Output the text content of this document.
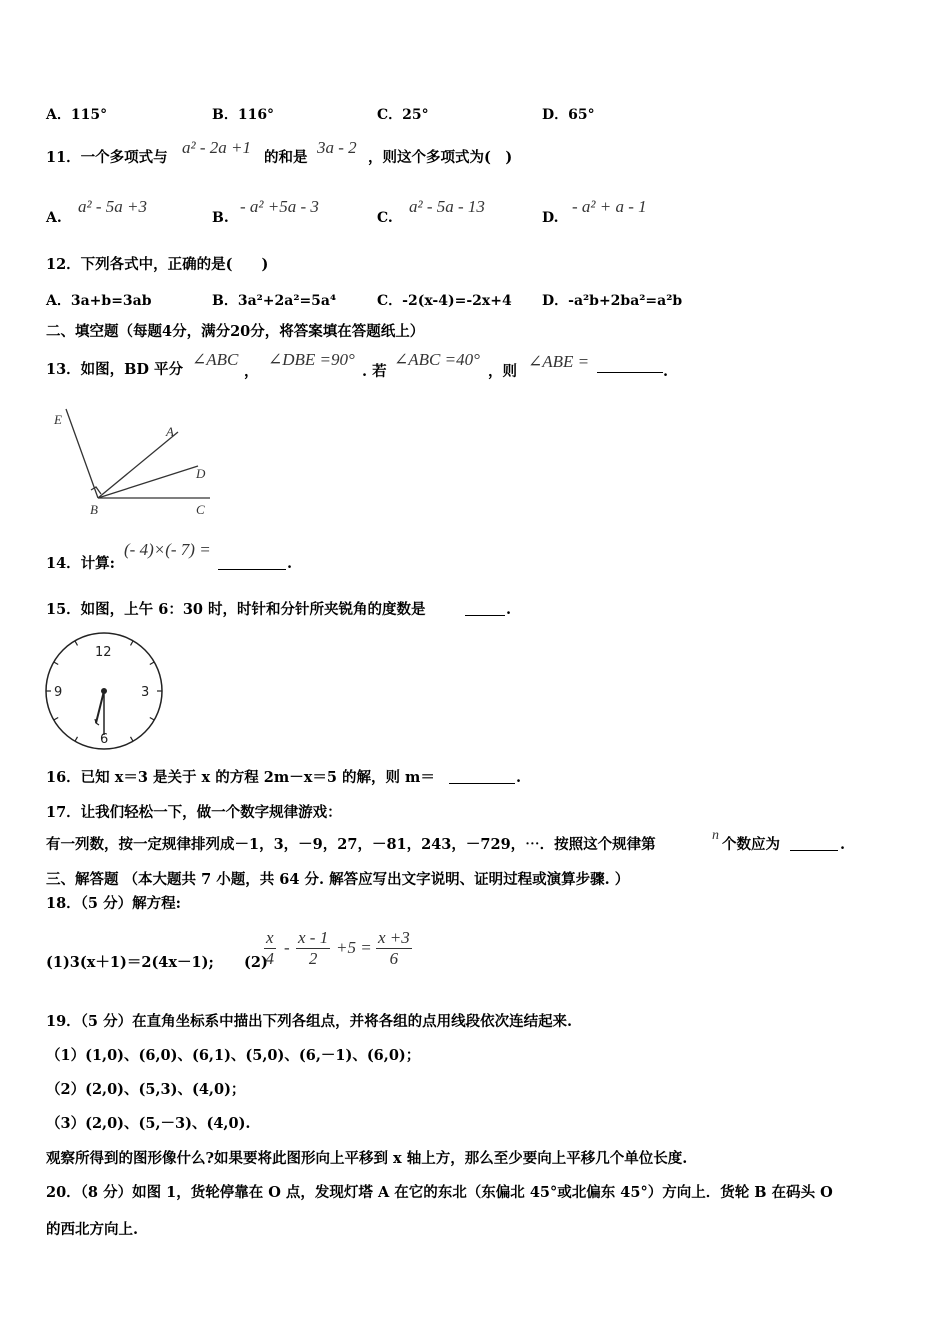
A．115°	B．116°	C．25°	D．65°
11．一个多项式与
a² - 2a +1
的和是
3a - 2
，则这个多项式为(　)
A.
a² - 5a +3
B.
- a² +5a - 3
C.
a² - 5a - 13
D.
- a² + a - 1
12．下列各式中，正确的是(　　)
A．3a+b=3ab	B．3a²+2a²=5a⁴	C．-2(x-4)=-2x+4 D．-a²b+2ba²=a²b
二、填空题（每题4分，满分20分，将答案填在答题纸上）
13．如图，BD 平分
∠ABC
，
∠DBE =90°
. 若
∠ABC =40°
，则
∠ABE =
.
E
A
D
B	C
14．计算:
(- 4)×(- 7) =
.
15．如图，上午 6：30 时，时针和分针所夹锐角的度数是	.
12
3
6
9
16．已知 x＝3 是关于 x 的方程 2m－x＝5 的解，则 m＝	.
17．让我们轻松一下，做一个数字规律游戏：
有一列数，按一定规律排列成－1，3，－9，27，－81，243，－729，⋯．按照这个规律第
n
个数应为	.
三、解答题 （本大题共 7 小题，共 64 分. 解答应写出文字说明、证明过程或演算步骤. ）
18．（5 分）解方程:
(1)3(x＋1)＝2(4x－1); (2)
$\frac{x}{4} - \frac{x - 1}{2} +5 = \frac{x +3}{6}$
19．（5 分）在直角坐标系中描出下列各组点，并将各组的点用线段依次连结起来.
（1）(1,0)、(6,0)、(6,1)、(5,0)、(6,－1)、(6,0)；
（2）(2,0)、(5,3)、(4,0)；
（3）(2,0)、(5,－3)、(4,0).
观察所得到的图形像什么?如果要将此图形向上平移到 x 轴上方，那么至少要向上平移几个单位长度.
20．（8 分）如图 1，货轮停靠在 O 点，发现灯塔 A 在它的东北（东偏北 45°或北偏东 45°）方向上．货轮 B 在码头 O
的西北方向上.
